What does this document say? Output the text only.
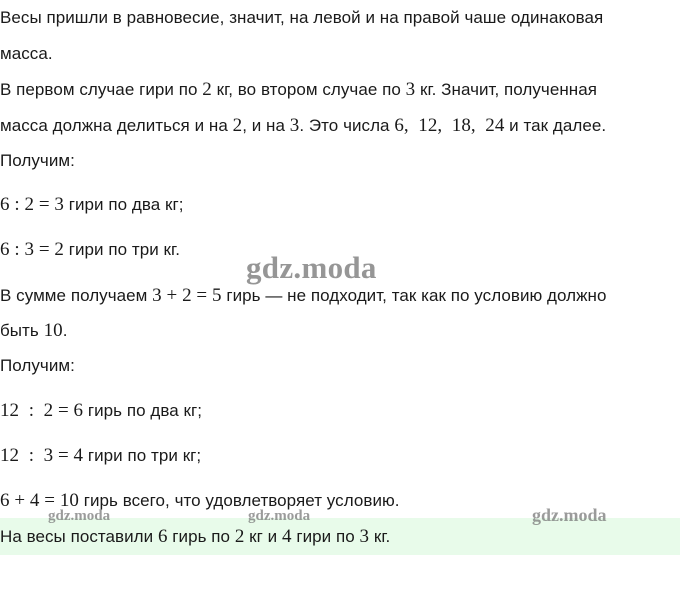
Весы пришли в равновесие, значит, на левой и на правой чаше одинаковая
масса.
В первом случае гири по 2 кг, во втором случае по 3 кг. Значит, полученная
масса должна делиться и на 2, и на 3. Это числа 6,  12,  18,  24 и так далее.
Получим:
6 : 2 = 3 гири по два кг;
6 : 3 = 2 гири по три кг.
В сумме получаем 3 + 2 = 5 гирь — не подходит, так как по условию должно
быть 10.
Получим:
12  :  2 = 6 гирь по два кг;
12  :  3 = 4 гири по три кг;
6 + 4 = 10 гирь всего, что удовлетворяет условию.
На весы поставили 6 гирь по 2 кг и 4 гири по 3 кг.
gdz.moda
gdz.moda	gdz.moda	gdz.moda
